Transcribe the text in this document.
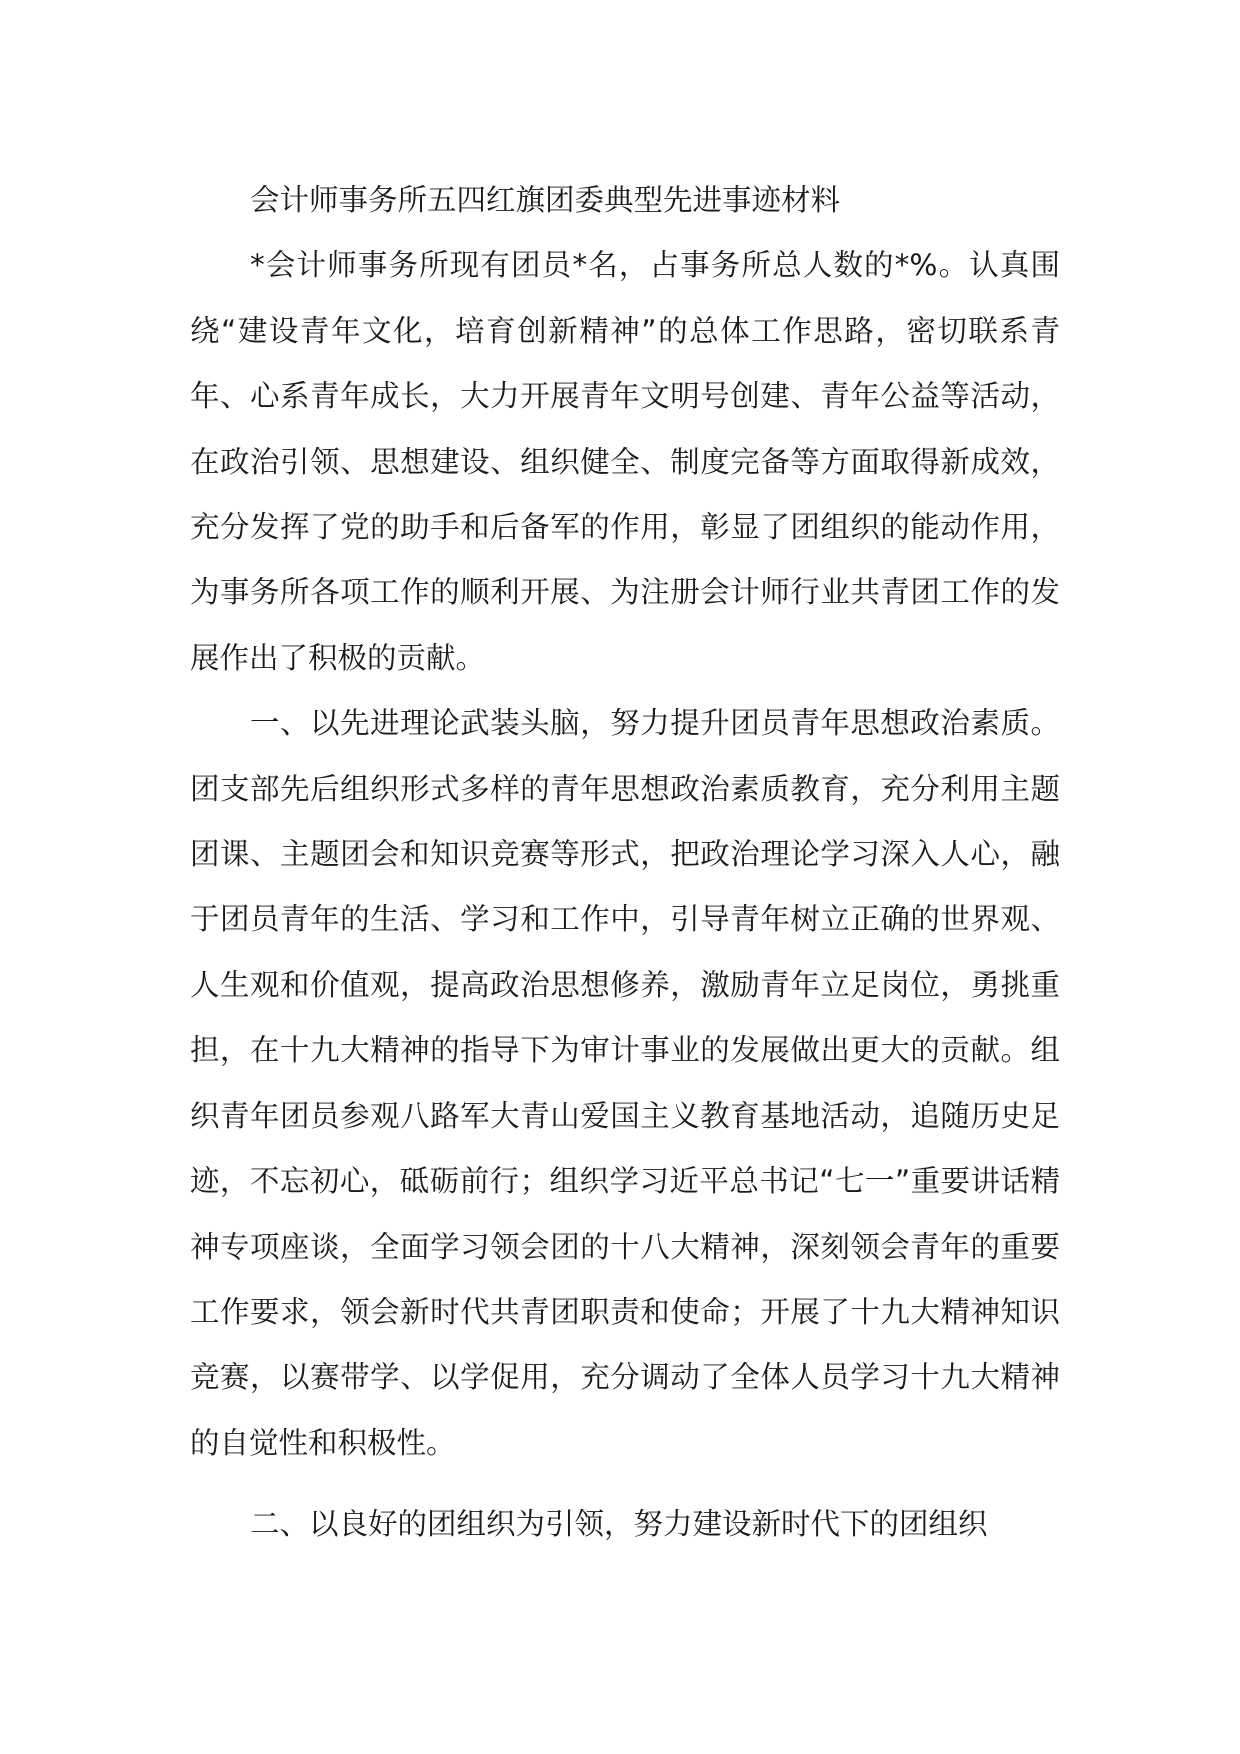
会计师事务所五四红旗团委典型先进事迹材料

*会计师事务所现有团员*名，占事务所总人数的*%。认真围绕“建设青年文化，培育创新精神”的总体工作思路，密切联系青年、心系青年成长，大力开展青年文明号创建、青年公益等活动，在政治引领、思想建设、组织健全、制度完备等方面取得新成效，充分发挥了党的助手和后备军的作用，彰显了团组织的能动作用，为事务所各项工作的顺利开展、为注册会计师行业共青团工作的发展作出了积极的贡献。

一、以先进理论武装头脑，努力提升团员青年思想政治素质。团支部先后组织形式多样的青年思想政治素质教育，充分利用主题团课、主题团会和知识竞赛等形式，把政治理论学习深入人心，融于团员青年的生活、学习和工作中，引导青年树立正确的世界观、人生观和价值观，提高政治思想修养，激励青年立足岗位，勇挑重担，在十九大精神的指导下为审计事业的发展做出更大的贡献。组织青年团员参观八路军大青山爱国主义教育基地活动，追随历史足迹，不忘初心，砥砺前行；组织学习近平总书记“七一”重要讲话精神专项座谈，全面学习领会团的十八大精神，深刻领会青年的重要工作要求，领会新时代共青团职责和使命；开展了十九大精神知识竞赛，以赛带学、以学促用，充分调动了全体人员学习十九大精神的自觉性和积极性。

二、以良好的团组织为引领，努力建设新时代下的团组织
